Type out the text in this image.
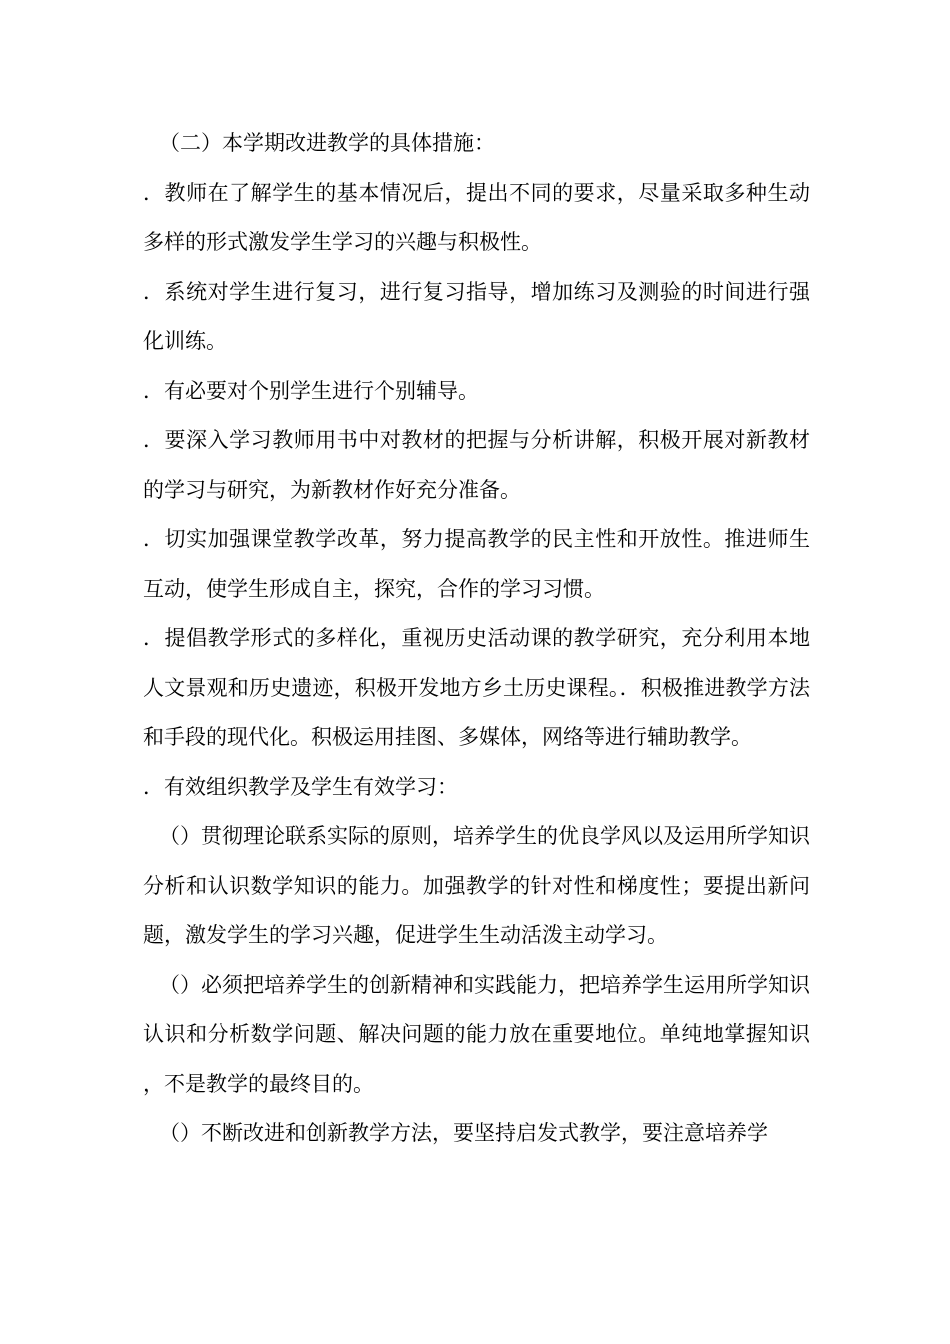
（二）本学期改进教学的具体措施：

．教师在了解学生的基本情况后，提出不同的要求，尽量采取多种生动多样的形式激发学生学习的兴趣与积极性。

．系统对学生进行复习，进行复习指导，增加练习及测验的时间进行强化训练。

．有必要对个别学生进行个别辅导。

．要深入学习教师用书中对教材的把握与分析讲解，积极开展对新教材的学习与研究，为新教材作好充分准备。

．切实加强课堂教学改革，努力提高教学的民主性和开放性。推进师生互动，使学生形成自主，探究，合作的学习习惯。

．提倡教学形式的多样化，重视历史活动课的教学研究，充分利用本地人文景观和历史遗迹，积极开发地方乡土历史课程。．积极推进教学方法和手段的现代化。积极运用挂图、多媒体，网络等进行辅助教学。

．有效组织教学及学生有效学习：

（）贯彻理论联系实际的原则，培养学生的优良学风以及运用所学知识分析和认识数学知识的能力。加强教学的针对性和梯度性；要提出新问题，激发学生的学习兴趣，促进学生生动活泼主动学习。

（）必须把培养学生的创新精神和实践能力，把培养学生运用所学知识认识和分析数学问题、解决问题的能力放在重要地位。单纯地掌握知识，不是教学的最终目的。

（）不断改进和创新教学方法，要坚持启发式教学，要注意培养学
